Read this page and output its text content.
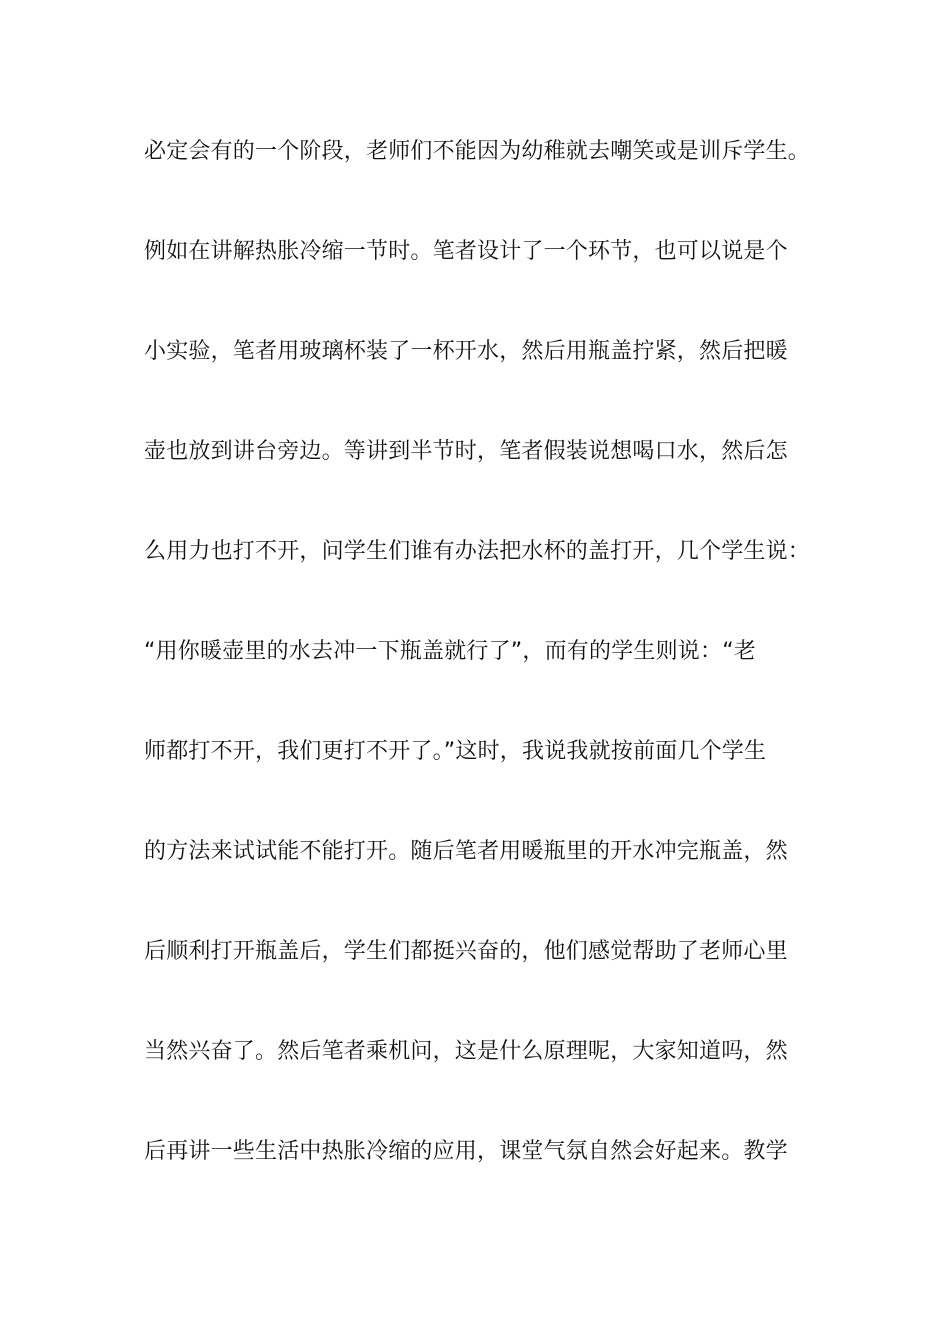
必定会有的一个阶段，老师们不能因为幼稚就去嘲笑或是训斥学生。
例如在讲解热胀冷缩一节时。笔者设计了一个环节，也可以说是个
小实验，笔者用玻璃杯装了一杯开水，然后用瓶盖拧紧，然后把暖
壶也放到讲台旁边。等讲到半节时，笔者假装说想喝口水，然后怎
么用力也打不开，问学生们谁有办法把水杯的盖打开，几个学生说：
“用你暖壶里的水去冲一下瓶盖就行了”，而有的学生则说：“老
师都打不开，我们更打不开了。”这时，我说我就按前面几个学生
的方法来试试能不能打开。随后笔者用暖瓶里的开水冲完瓶盖，然
后顺利打开瓶盖后，学生们都挺兴奋的，他们感觉帮助了老师心里
当然兴奋了。然后笔者乘机问，这是什么原理呢，大家知道吗，然
后再讲一些生活中热胀冷缩的应用，课堂气氛自然会好起来。教学
